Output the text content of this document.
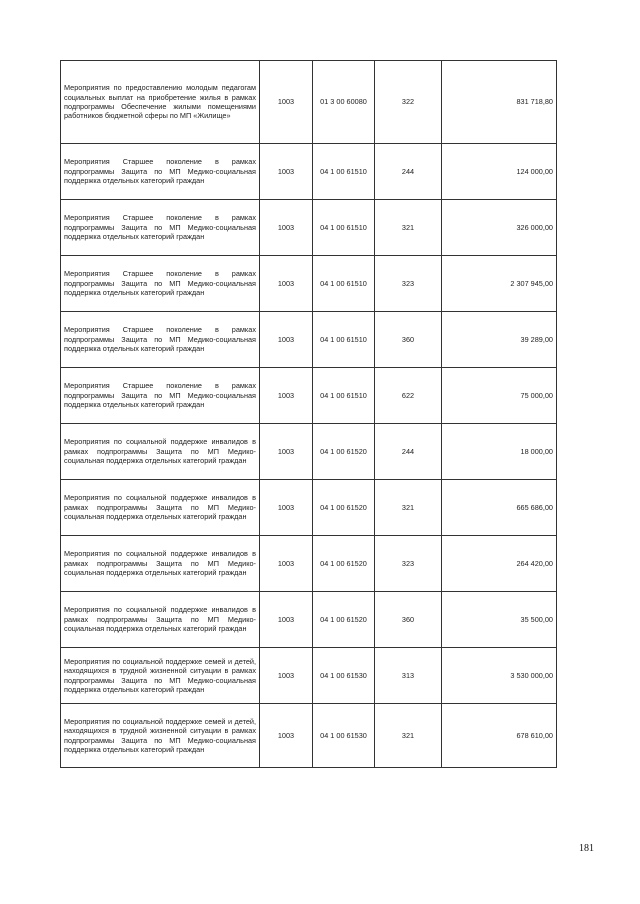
Мероприятия по предоставлению молодым педагогам социальных выплат на приобретение жилья в рамках подпрограммы Обеспечение жилыми помещениями работников бюджетной сферы по МП «Жилище»	1003	01 3 00 60080	322	831 718,80
Мероприятия Старшее поколение в рамках подпрограммы Защита по МП Медико-социальная поддержка отдельных категорий граждан	1003	04 1 00 61510	244	124 000,00
Мероприятия Старшее поколение в рамках подпрограммы Защита по МП Медико-социальная поддержка отдельных категорий граждан	1003	04 1 00 61510	321	326 000,00
Мероприятия Старшее поколение в рамках подпрограммы Защита по МП Медико-социальная поддержка отдельных категорий граждан	1003	04 1 00 61510	323	2 307 945,00
Мероприятия Старшее поколение в рамках подпрограммы Защита по МП Медико-социальная поддержка отдельных категорий граждан	1003	04 1 00 61510	360	39 289,00
Мероприятия Старшее поколение в рамках подпрограммы Защита по МП Медико-социальная поддержка отдельных категорий граждан	1003	04 1 00 61510	622	75 000,00
Мероприятия по социальной поддержке инвалидов в рамках подпрограммы Защита по МП Медико-социальная поддержка отдельных категорий граждан	1003	04 1 00 61520	244	18 000,00
Мероприятия по социальной поддержке инвалидов в рамках подпрограммы Защита по МП Медико-социальная поддержка отдельных категорий граждан	1003	04 1 00 61520	321	665 686,00
Мероприятия по социальной поддержке инвалидов в рамках подпрограммы Защита по МП Медико-социальная поддержка отдельных категорий граждан	1003	04 1 00 61520	323	264 420,00
Мероприятия по социальной поддержке инвалидов в рамках подпрограммы Защита по МП Медико-социальная поддержка отдельных категорий граждан	1003	04 1 00 61520	360	35 500,00
Мероприятия по социальной поддержке семей и детей, находящихся в трудной жизненной ситуации в рамках подпрограммы Защита по МП Медико-социальная поддержка отдельных категорий граждан	1003	04 1 00 61530	313	3 530 000,00
Мероприятия по социальной поддержке семей и детей, находящихся в трудной жизненной ситуации в рамках подпрограммы Защита по МП Медико-социальная поддержка отдельных категорий граждан	1003	04 1 00 61530	321	678 610,00
181
